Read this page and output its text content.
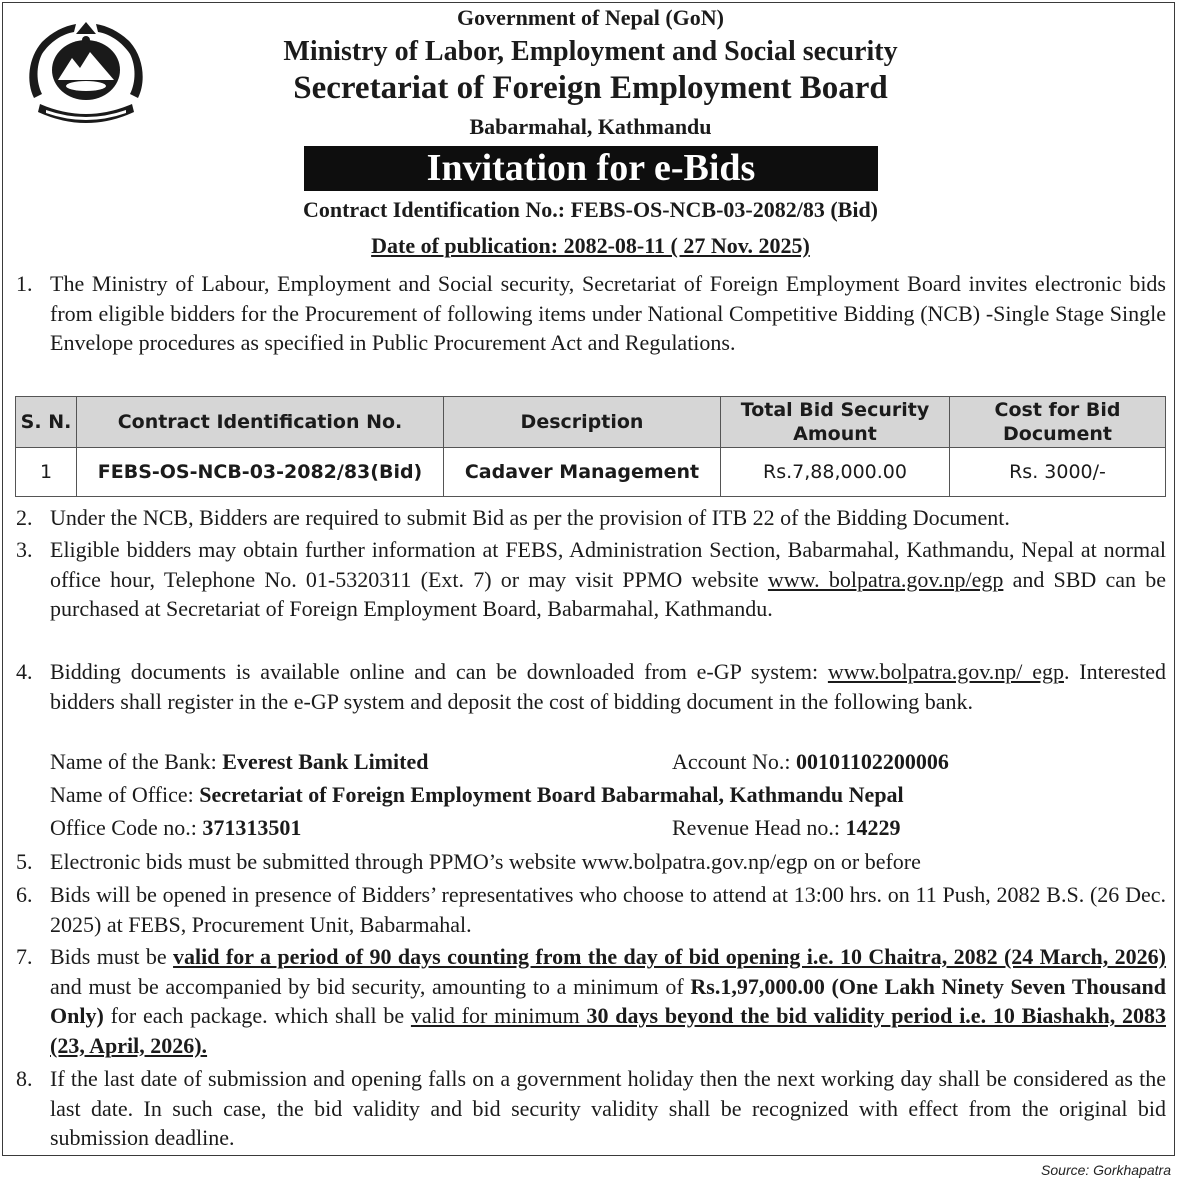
Government of Nepal (GoN)
Ministry of Labor, Employment and Social security
Secretariat of Foreign Employment Board
Babarmahal, Kathmandu
Invitation for e-Bids
Contract Identification No.: FEBS-OS-NCB-03-2082/83 (Bid)
Date of publication: 2082-08-11 ( 27 Nov. 2025)
1. The Ministry of Labour, Employment and Social security, Secretariat of Foreign Employment Board invites electronic bids from eligible bidders for the Procurement of following items under National Competitive Bidding (NCB) -Single Stage Single Envelope procedures as specified in Public Procurement Act and Regulations.
S. N.	Contract Identification No.	Description	Total Bid Security Amount	Cost for Bid Document
1	FEBS-OS-NCB-03-2082/83(Bid)	Cadaver Management	Rs.7,88,000.00	Rs. 3000/-
2. Under the NCB, Bidders are required to submit Bid as per the provision of ITB 22 of the Bidding Document.
3. Eligible bidders may obtain further information at FEBS, Administration Section, Babarmahal, Kathmandu, Nepal at normal office hour, Telephone No. 01-5320311 (Ext. 7) or may visit PPMO website www. bolpatra.gov.np/egp and SBD can be purchased at Secretariat of Foreign Employment Board, Babarmahal, Kathmandu.
4. Bidding documents is available online and can be downloaded from e-GP system: www.bolpatra.gov.np/ egp. Interested bidders shall register in the e-GP system and deposit the cost of bidding document in the following bank.
Name of the Bank: Everest Bank Limited	Account No.: 00101102200006
Name of Office: Secretariat of Foreign Employment Board Babarmahal, Kathmandu Nepal
Office Code no.: 371313501	Revenue Head no.: 14229
5. Electronic bids must be submitted through PPMO’s website www.bolpatra.gov.np/egp on or before
6. Bids will be opened in presence of Bidders’ representatives who choose to attend at 13:00 hrs. on 11 Push, 2082 B.S. (26 Dec. 2025) at FEBS, Procurement Unit, Babarmahal.
7. Bids must be valid for a period of 90 days counting from the day of bid opening i.e. 10 Chaitra, 2082 (24 March, 2026) and must be accompanied by bid security, amounting to a minimum of Rs.1,97,000.00 (One Lakh Ninety Seven Thousand Only) for each package. which shall be valid for minimum 30 days beyond the bid validity period i.e. 10 Biashakh, 2083 (23, April, 2026).
8. If the last date of submission and opening falls on a government holiday then the next working day shall be considered as the last date. In such case, the bid validity and bid security validity shall be recognized with effect from the original bid submission deadline.
Source: Gorkhapatra
